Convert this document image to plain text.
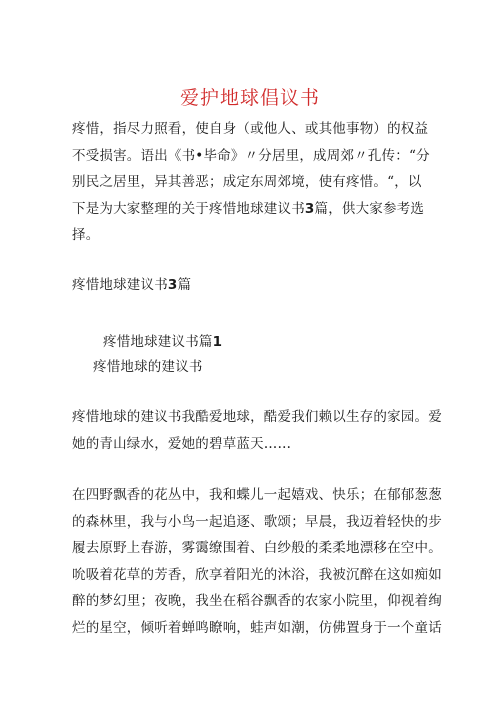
爱护地球倡议书
疼惜，指尽力照看，使自身（或他人、或其他事物）的权益
不受损害。语出《书•毕命》〃分居里，成周郊〃孔传：“分
别民之居里，异其善恶；成定东周郊境，使有疼惜。“，以
下是为大家整理的关于疼惜地球建议书3篇，供大家参考选
择。
疼惜地球建议书3篇
疼惜地球建议书篇1
疼惜地球的建议书
疼惜地球的建议书我酷爱地球，酷爱我们赖以生存的家园。爱
她的青山绿水，爱她的碧草蓝天……
在四野飘香的花丛中，我和蝶儿一起嬉戏、快乐；在郁郁葱葱
的森林里，我与小鸟一起追逐、歌颂；早晨，我迈着轻快的步
履去原野上春游，雾霭缭围着、白纱般的柔柔地漂移在空中。
吮吸着花草的芳香，欣享着阳光的沐浴，我被沉醉在这如痴如
醉的梦幻里；夜晚，我坐在稻谷飘香的农家小院里，仰视着绚
烂的星空，倾听着蝉鸣瞭响，蛙声如潮，仿佛置身于一个童话
